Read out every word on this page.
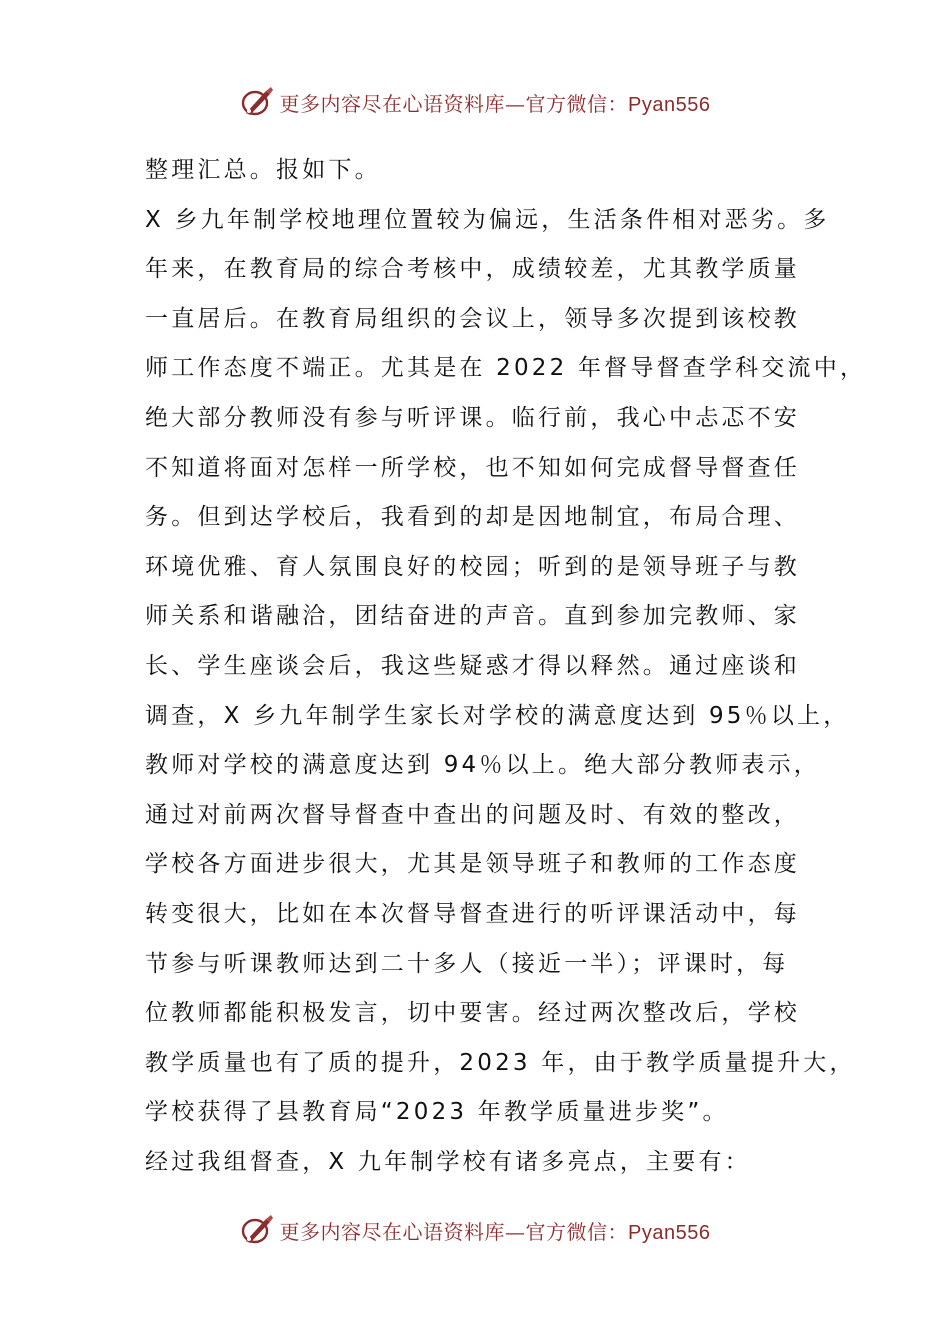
更多内容尽在心语资料库—官方微信：Pyan556

整理汇总。报如下。

X 乡九年制学校地理位置较为偏远，生活条件相对恶劣。多

年来，在教育局的综合考核中，成绩较差，尤其教学质量

一直居后。在教育局组织的会议上，领导多次提到该校教

师工作态度不端正。尤其是在 2022 年督导督查学科交流中，

绝大部分教师没有参与听评课。临行前，我心中忐忑不安

不知道将面对怎样一所学校，也不知如何完成督导督查任

务。但到达学校后，我看到的却是因地制宜，布局合理、

环境优雅、育人氛围良好的校园；听到的是领导班子与教

师关系和谐融洽，团结奋进的声音。直到参加完教师、家

长、学生座谈会后，我这些疑惑才得以释然。通过座谈和

调查，X 乡九年制学生家长对学校的满意度达到 95％以上，

教师对学校的满意度达到 94％以上。绝大部分教师表示，

通过对前两次督导督查中查出的问题及时、有效的整改，

学校各方面进步很大，尤其是领导班子和教师的工作态度

转变很大，比如在本次督导督查进行的听评课活动中，每

节参与听课教师达到二十多人（接近一半）；评课时，每

位教师都能积极发言，切中要害。经过两次整改后，学校

教学质量也有了质的提升，2023 年，由于教学质量提升大，

学校获得了县教育局“2023 年教学质量进步奖”。

经过我组督查，X 九年制学校有诸多亮点，主要有：

更多内容尽在心语资料库—官方微信：Pyan556
